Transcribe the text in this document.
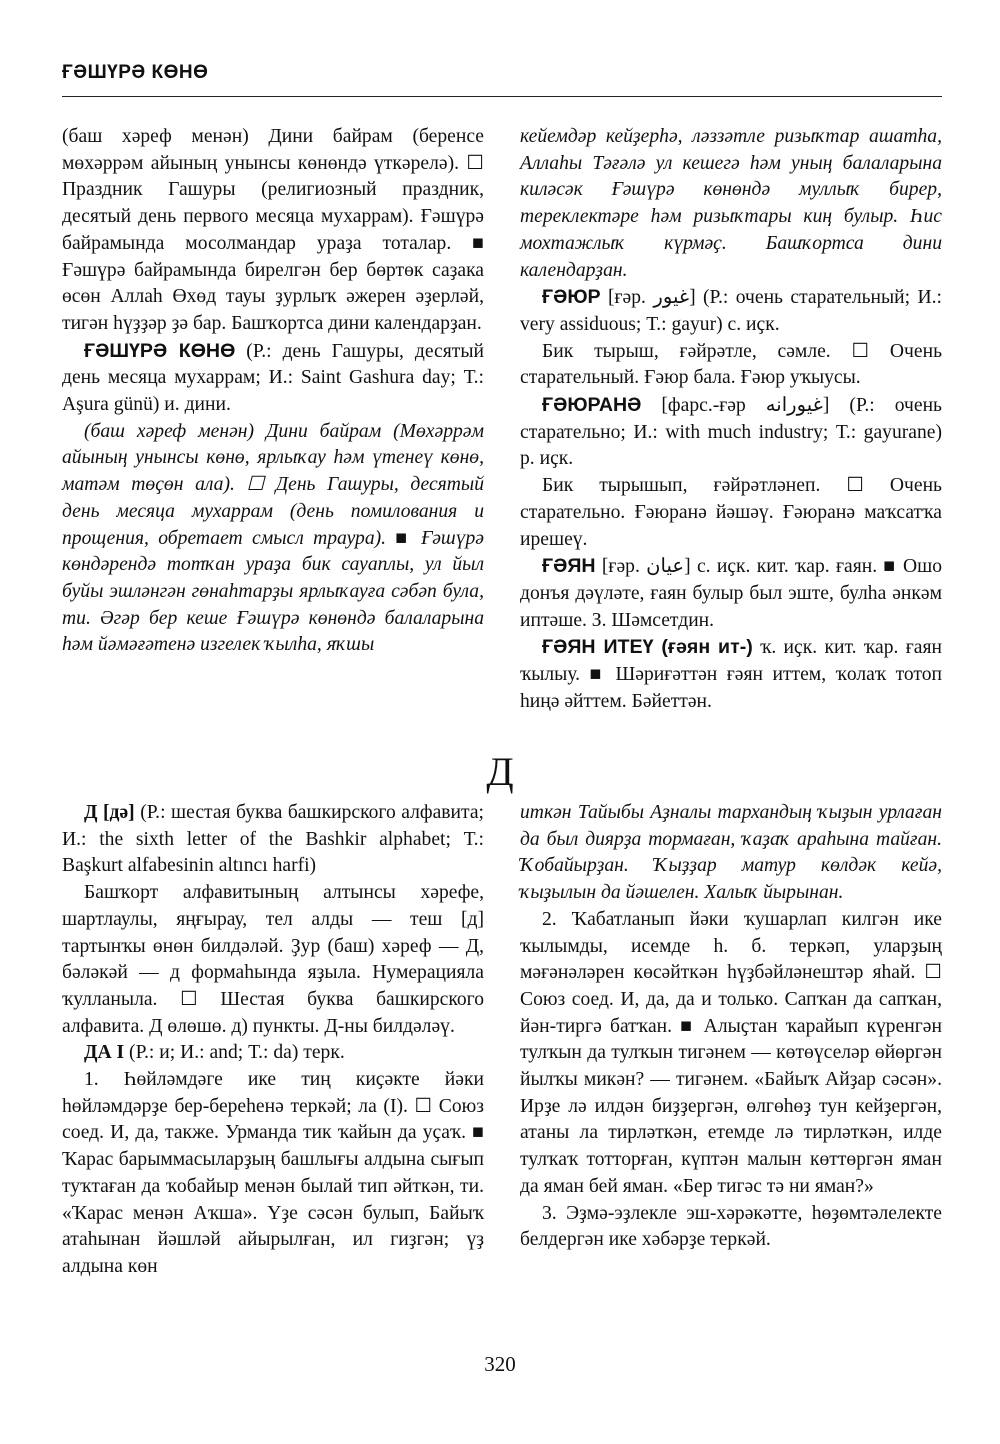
ҒӘШҮРӘ КӨНӨ

(баш хәреф менән) Дини байрам (беренсе мөхәррәм айының унынсы көнөндә үткәрелә). ☐ Праздник Гашуры (религиозный праздник, десятый день первого месяца мухаррам). Ғәшүрә байрамында мосолмандар ураҙа тоталар. ■ Ғәшүрә байрамында бирелгән бер бөртөк саҙака өсөн Аллаһ Өхөд тауы ҙурлыҡ әжерен әҙерләй, тигән һүҙҙәр ҙә бар. Башҡортса дини календарҙан.

ҒӘШҮРӘ КӨНӨ (Р.: день Гашуры, десятый день месяца мухаррам; И.: Saint Gashura day; Т.: Aşura günü) и. дини.

(баш хәреф менән) Дини байрам (Мөхәррәм айының унынсы көнө, ярлыҡау һәм үтенеү көнө, матәм төҫөн ала). ☐ День Гашуры, десятый день месяца мухаррам (день помилования и прощения, обретает смысл траура). ■ Ғәшүрә көндәрендә тотҡан ураҙа бик сауаплы, ул йыл буйы эшләнгән гөнаһтарҙы ярлыҡауға сәбәп була, ти. Әгәр бер кеше Ғәшүрә көнөндә балаларына һәм йәмәғәтенә изгелек ҡылһа, яҡшы

кейемдәр кейҙерһә, ләззәтле ризыҡтар ашатһа, Аллаһы Тәғәлә ул кешегә һәм уның балаларына киләсәк Ғәшүрә көнөндә муллыҡ бирер, тереклектәре һәм ризыҡтары киң булыр. Һис мохтажлыҡ күрмәҫ. Башҡортса дини календарҙан.

ҒӘЮР [ғәр. غيور] (Р.: очень старательный; И.: very assiduous; Т.: gayur) с. иҫк.

Бик тырыш, ғәйрәтле, сәмле. ☐ Очень старательный. Ғәюр бала. Ғәюр уҡыусы.

ҒӘЮРАНӘ [фарс.-ғәр غيورانه] (Р.: очень старательно; И.: with much industry; Т.: gayurane) р. иҫк.

Бик тырышып, ғәйрәтләнеп. ☐ Очень старательно. Ғәюранә йәшәү. Ғәюранә маҡсатҡа ирешеү.

ҒӘЯН [ғәр. عيان] с. иҫк. кит. ҡар. ғаян. ■ Ошо донъя дәүләте, ғаян булыр был эште, булһа әнкәм иптәше. З. Шәмсетдин.

ҒӘЯН ИТЕҮ (ғәян ит-) ҡ. иҫк. кит. ҡар. ғаян ҡылыу. ■ Шәриғәттән ғәян иттем, ҡолаҡ тотоп һиңә әйттем. Бәйеттән.

Д

Д [дә] (Р.: шестая буква башкирского алфавита; И.: the sixth letter of the Bashkir alphabet; Т.: Başkurt alfabesinin altıncı harfi)

Башҡорт алфавитының алтынсы хәрефе, шартлаулы, яңғырау, тел алды — теш [д] тартынҡы өнөн билдәләй. Ҙур (баш) хәреф — Д, бәләкәй — д формаһында яҙыла. Нумерацияла ҡулланыла. ☐ Шестая буква башкирского алфавита. Д өлөшө. д) пункты. Д-ны билдәләү.

ДА I (Р.: и; И.: and; Т.: da) терк.

1. Һөйләмдәге ике тиң киҫәкте йәки һөйләмдәрҙе бер-береһенә теркәй; ла (I). ☐ Союз соед. И, да, также. Урманда тик ҡайын да уҫаҡ. ■ Ҡарас барыммасыларҙың башлығы алдына сығып туҡтаған да ҡобайыр менән былай тип әйткән, ти. «Ҡарас менән Аҡша». Үҙе сәсән булып, Байыҡ атаһынан йәшләй айырылған, ил гиҙгән; үҙ алдына көн

иткән Тайыбы Аҙналы тархандың ҡыҙын урлаған да был диярҙа тормаған, ҡаҙаҡ араһына тайған. Ҡобайырҙан. Ҡыҙҙар матур көлдәк кейә, ҡыҙылын да йәшелен. Халыҡ йырынан.

2. Ҡабатланып йәки ҡушарлап килгән ике ҡылымды, исемде һ. б. теркәп, уларҙың мәғәнәләрен көсәйткән һүҙбәйләнештәр яһай. ☐ Союз соед. И, да, да и только. Сапҡан да сапҡан, йән-тиргә батҡан. ■ Алыҫтан ҡарайып күренгән тулҡын да тулҡын тигәнем — көтөүселәр өйөргән йылҡы микән? — тигәнем. «Байыҡ Айҙар сәсән». Ирҙе лә илдән биҙҙергән, өлгөһөҙ тун кейҙергән, атаны ла тирләткән, етемде лә тирләткән, илде тулҡаҡ тотторған, күптән малын көттөргән яман да яман бей яман. «Бер тигәс тә ни яман?»

3. Эҙмә-эҙлекле эш-хәрәкәтте, һөҙөмтәлелекте белдергән ике хәбәрҙе теркәй.

320
